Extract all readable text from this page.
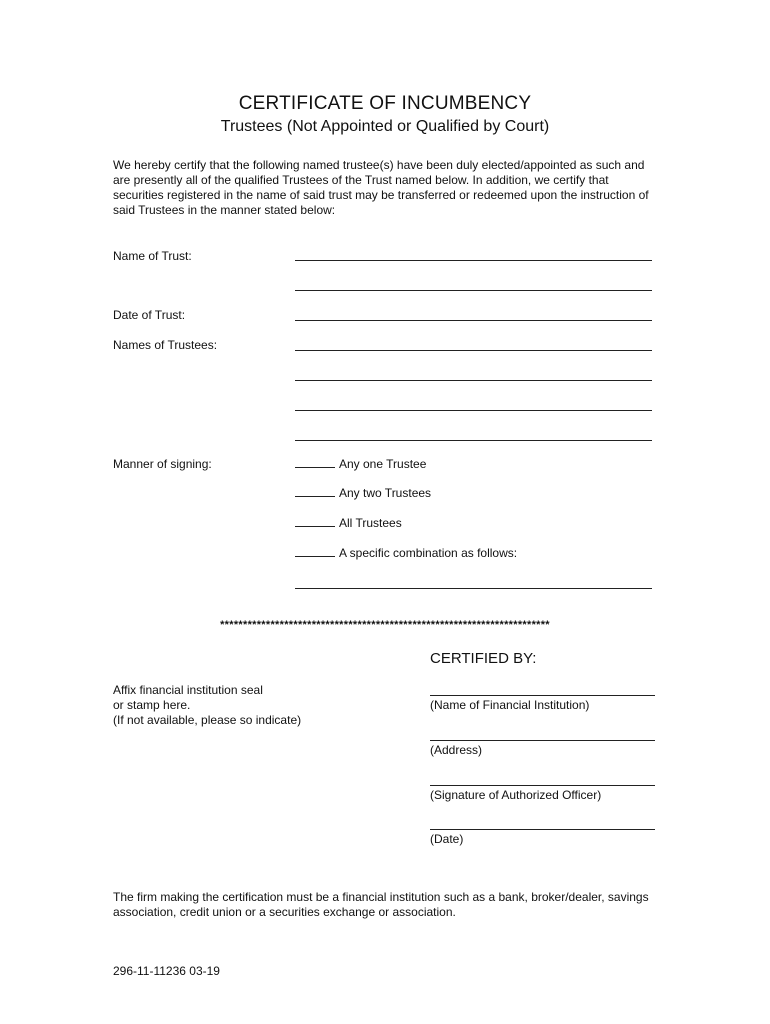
CERTIFICATE OF INCUMBENCY
Trustees (Not Appointed or Qualified by Court)
We hereby certify that the following named trustee(s) have been duly elected/appointed as such and are presently all of the qualified Trustees of the Trust named below. In addition, we certify that securities registered in the name of said trust may be transferred or redeemed upon the instruction of said Trustees in the manner stated below:
Name of Trust:
Date of Trust:
Names of Trustees:
Manner of signing:	Any one Trustee
Any two Trustees
All Trustees
A specific combination as follows:
************************************************************************
CERTIFIED BY:
Affix financial institution seal
or stamp here.
(If not available, please so indicate)
(Name of Financial Institution)
(Address)
(Signature of Authorized Officer)
(Date)
The firm making the certification must be a financial institution such as a bank, broker/dealer, savings association, credit union or a securities exchange or association.
296-11-11236 03-19
